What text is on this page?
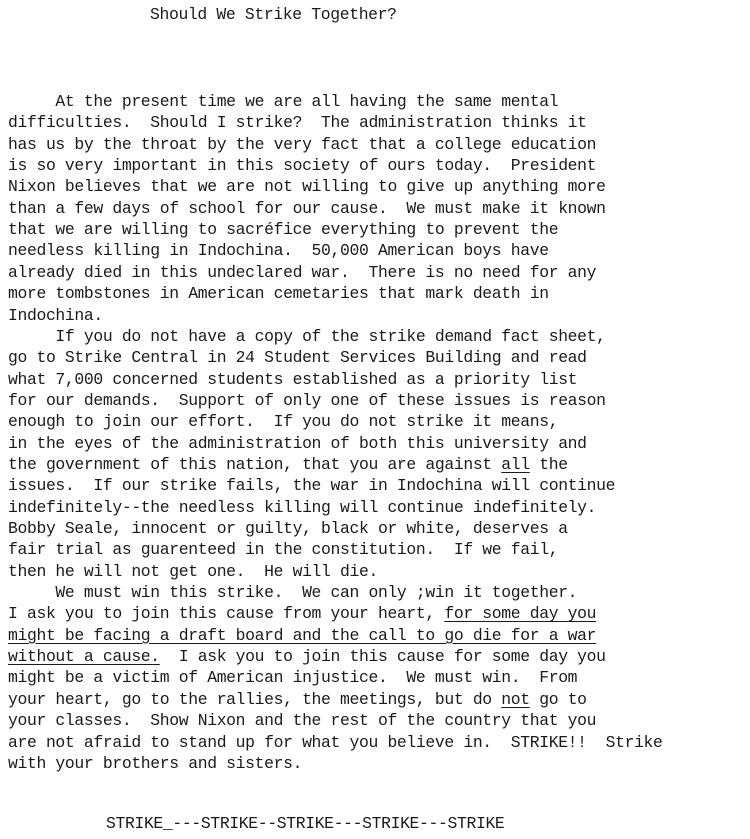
Should We Strike Together?
At the present time we are all having the same mental
difficulties.  Should I strike?  The administration thinks it
has us by the throat by the very fact that a college education
is so very important in this society of ours today.  President
Nixon believes that we are not willing to give up anything more
than a few days of school for our cause.  We must make it known
that we are willing to sacréfice everything to prevent the
needless killing in Indochina.  50,000 American boys have
already died in this undeclared war.  There is no need for any
more tombstones in American cemetaries that mark death in
Indochina.
If you do not have a copy of the strike demand fact sheet,
go to Strike Central in 24 Student Services Building and read
what 7,000 concerned students established as a priority list
for our demands.  Support of only one of these issues is reason
enough to join our effort.  If you do not strike it means,
in the eyes of the administration of both this university and
the government of this nation, that you are against all the
issues.  If our strike fails, the war in Indochina will continue
indefinitely--the needless killing will continue indefinitely.
Bobby Seale, innocent or guilty, black or white, deserves a
fair trial as guarenteed in the constitution.  If we fail,
then he will not get one.  He will die.
We must win this strike.  We can only ;win it together.
I ask you to join this cause from your heart, for some day you
might be facing a draft board and the call to go die for a war
without a cause.  I ask you to join this cause for some day you
might be a victim of American injustice.  We must win.  From
your heart, go to the rallies, the meetings, but do not go to
your classes.  Show Nixon and the rest of the country that you
are not afraid to stand up for what you believe in.  STRIKE!!  Strike
with your brothers and sisters.
STRIKE_---STRIKE--STRIKE---STRIKE---STRIKE
